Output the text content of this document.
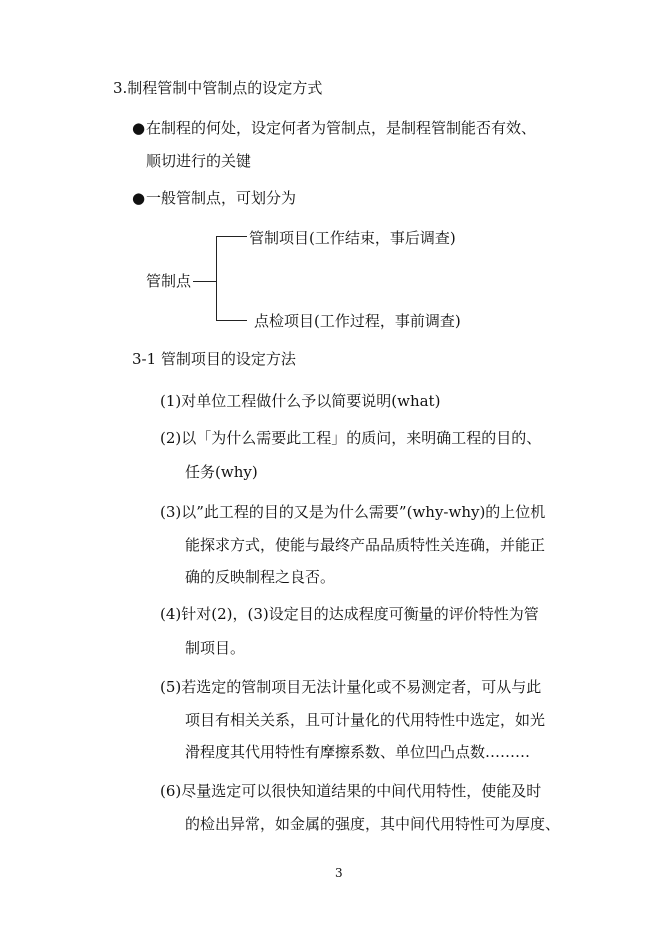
3.制程管制中管制点的设定方式
●在制程的何处，设定何者为管制点，是制程管制能否有效、
顺切进行的关键
●一般管制点，可划分为
管制点
管制项目(工作结束，事后调查)
点检项目(工作过程，事前调查)
3-1 管制项目的设定方法
(1)对单位工程做什么予以简要说明(what)
(2)以「为什么需要此工程」的质问，来明确工程的目的、
任务(why)
(3)以”此工程的目的又是为什么需要”(why-why)的上位机
能探求方式，使能与最终产品品质特性关连确，并能正
确的反映制程之良否。
(4)针对(2)，(3)设定目的达成程度可衡量的评价特性为管
制项目。
(5)若选定的管制项目无法计量化或不易测定者，可从与此
项目有相关关系，且可计量化的代用特性中选定，如光
滑程度其代用特性有摩擦系数、单位凹凸点数………
(6)尽量选定可以很快知道结果的中间代用特性，使能及时
的检出异常，如金属的强度，其中间代用特性可为厚度、
3
